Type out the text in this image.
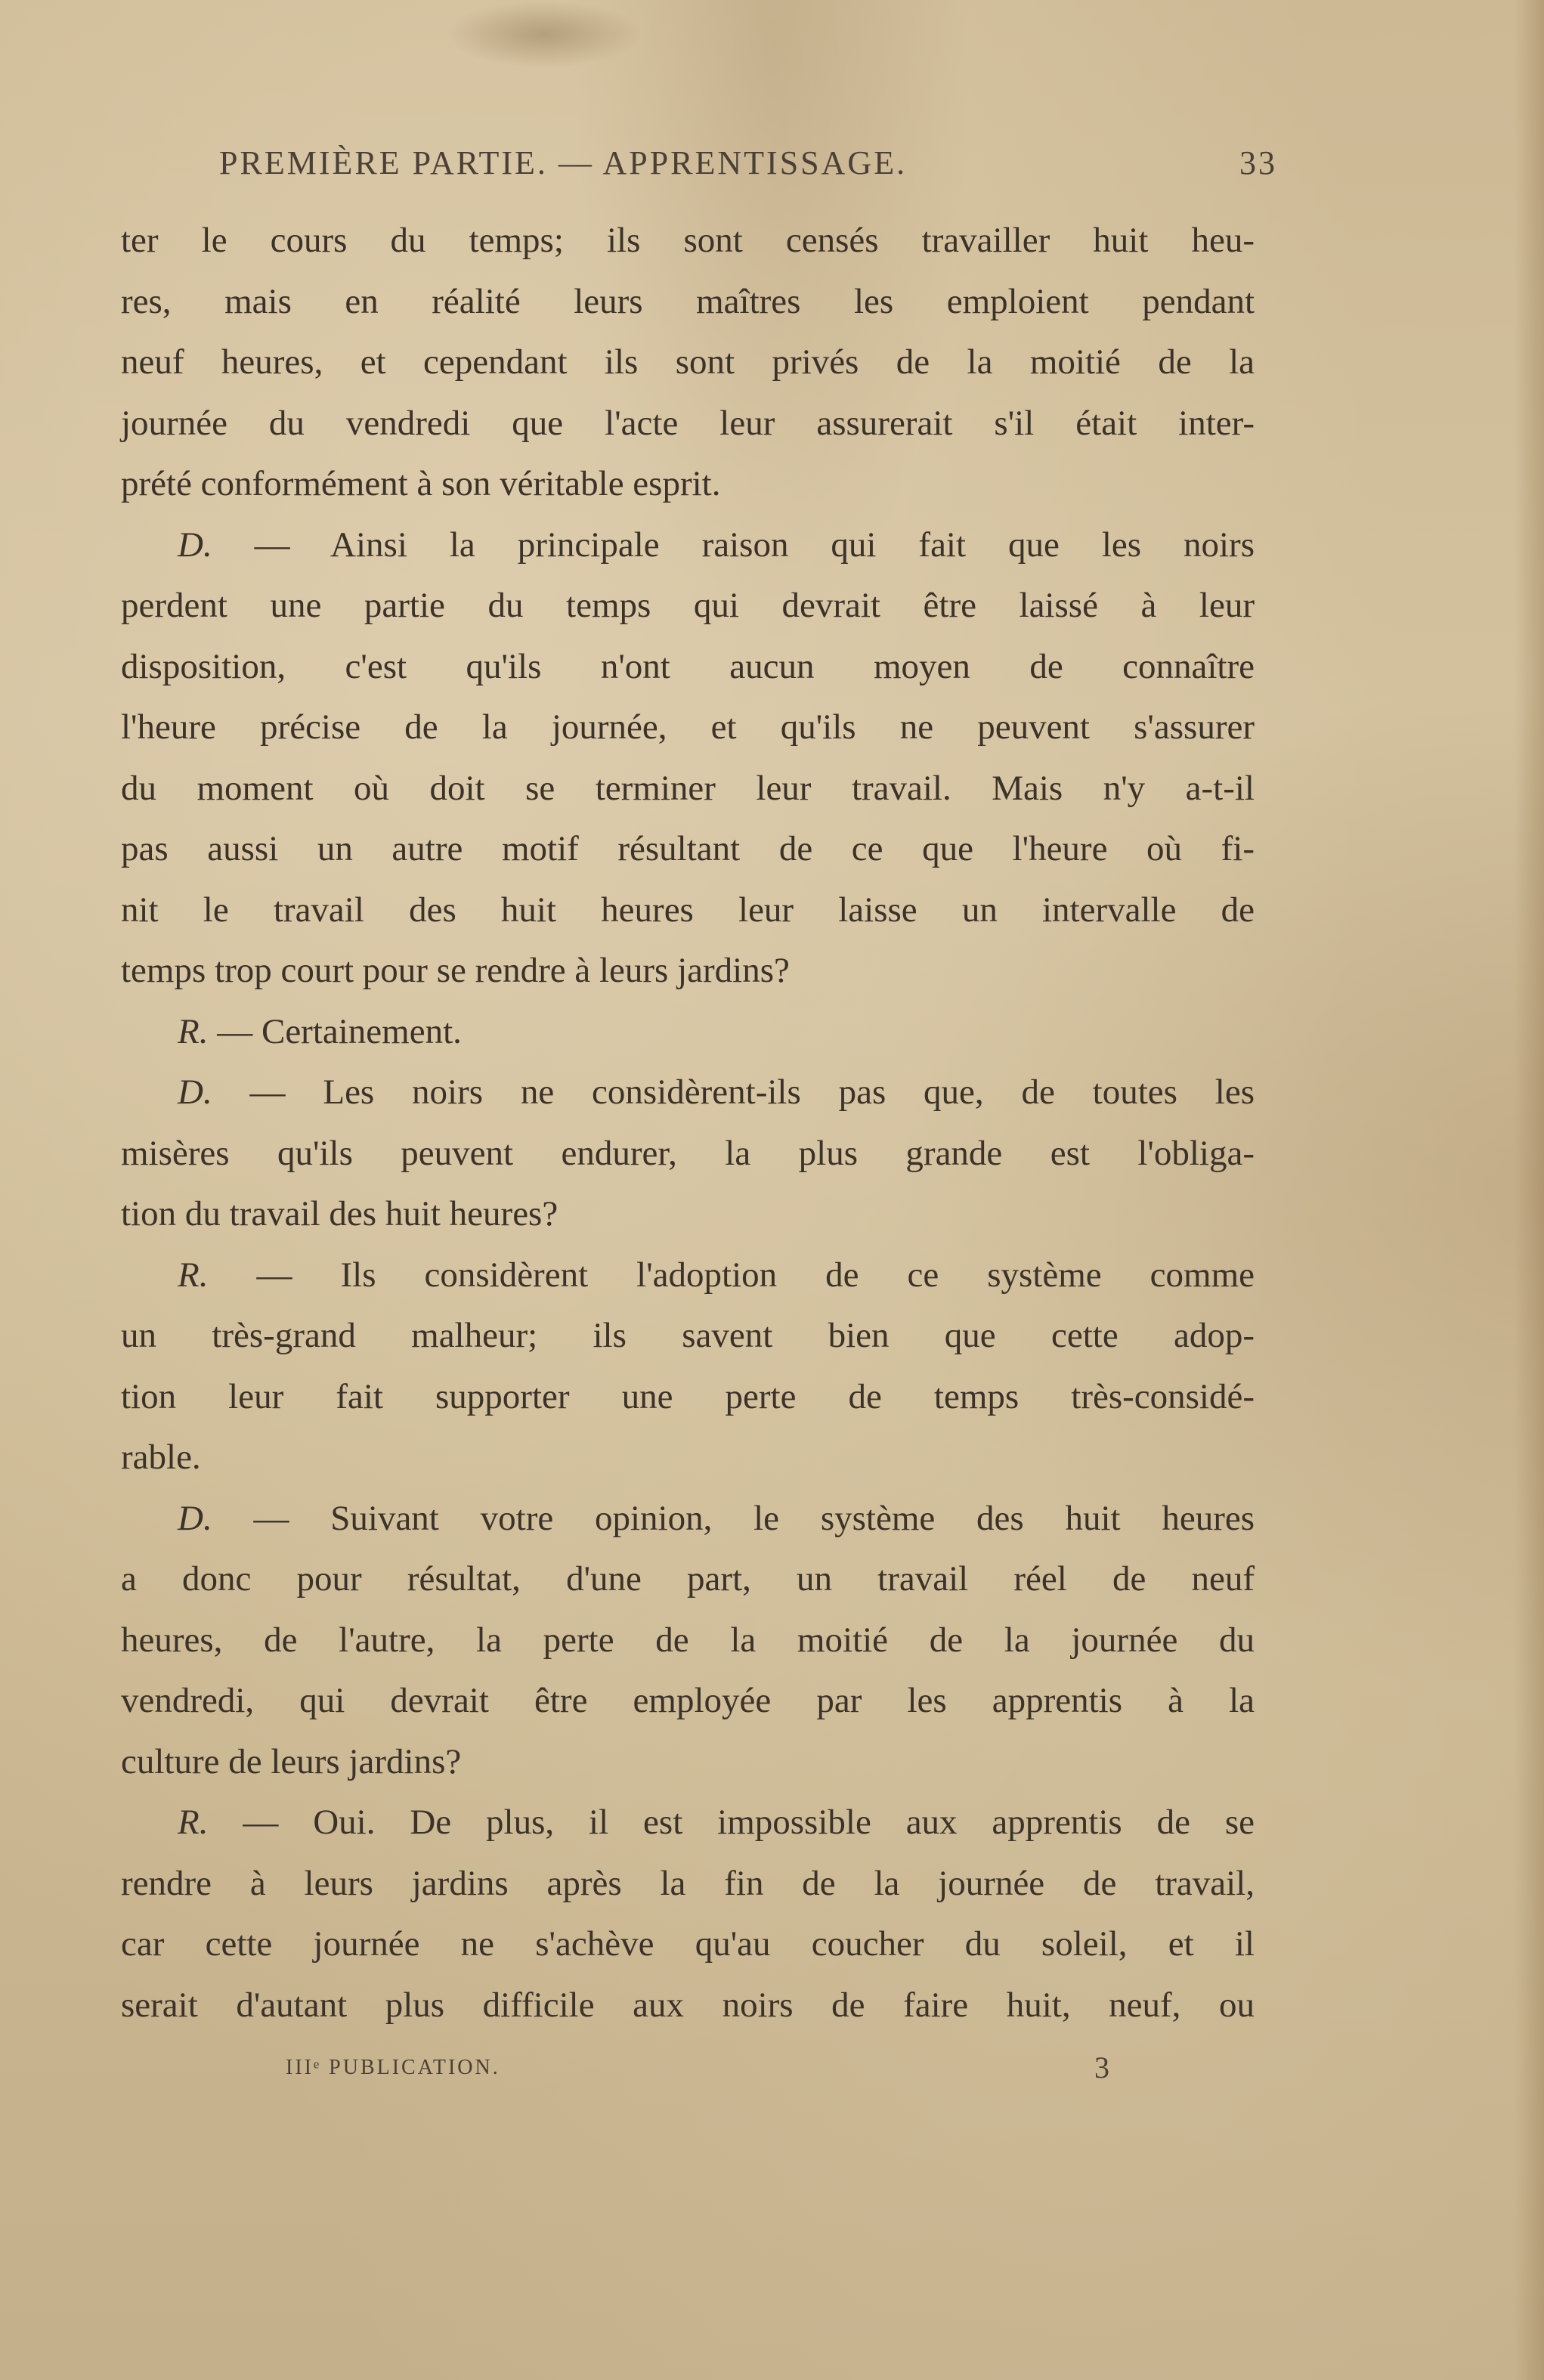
PREMIÈRE PARTIE. — APPRENTISSAGE.	33
ter le cours du temps; ils sont censés travailler huit heu-
res, mais en réalité leurs maîtres les emploient pendant
neuf heures, et cependant ils sont privés de la moitié de la
journée du vendredi que l'acte leur assurerait s'il était inter-
prété conformément à son véritable esprit.
D. — Ainsi la principale raison qui fait que les noirs
perdent une partie du temps qui devrait être laissé à leur
disposition, c'est qu'ils n'ont aucun moyen de connaître
l'heure précise de la journée, et qu'ils ne peuvent s'assurer
du moment où doit se terminer leur travail. Mais n'y a-t-il
pas aussi un autre motif résultant de ce que l'heure où fi-
nit le travail des huit heures leur laisse un intervalle de
temps trop court pour se rendre à leurs jardins?
R. — Certainement.
D. — Les noirs ne considèrent-ils pas que, de toutes les
misères qu'ils peuvent endurer, la plus grande est l'obliga-
tion du travail des huit heures?
R. — Ils considèrent l'adoption de ce système comme
un très-grand malheur; ils savent bien que cette adop-
tion leur fait supporter une perte de temps très-considé-
rable.
D. — Suivant votre opinion, le système des huit heures
a donc pour résultat, d'une part, un travail réel de neuf
heures, de l'autre, la perte de la moitié de la journée du
vendredi, qui devrait être employée par les apprentis à la
culture de leurs jardins?
R. — Oui. De plus, il est impossible aux apprentis de se
rendre à leurs jardins après la fin de la journée de travail,
car cette journée ne s'achève qu'au coucher du soleil, et il
serait d'autant plus difficile aux noirs de faire huit, neuf, ou
IIIᵉ PUBLICATION.	3
